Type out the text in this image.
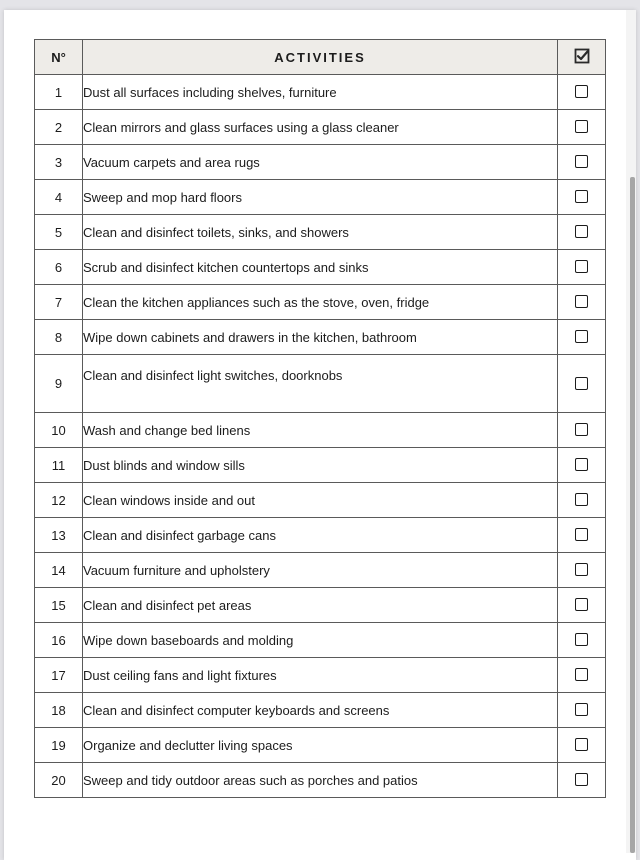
N°	ACTIVITIES	
1	Dust all surfaces including shelves, furniture	
2	Clean mirrors and glass surfaces using a glass cleaner	
3	Vacuum carpets and area rugs	
4	Sweep and mop hard floors	
5	Clean and disinfect toilets, sinks, and showers	
6	Scrub and disinfect kitchen countertops and sinks	
7	Clean the kitchen appliances such as the stove, oven, fridge	
8	Wipe down cabinets and drawers in the kitchen, bathroom	
9	Clean and disinfect light switches, doorknobs	
10	Wash and change bed linens	
11	Dust blinds and window sills	
12	Clean windows inside and out	
13	Clean and disinfect garbage cans	
14	Vacuum furniture and upholstery	
15	Clean and disinfect pet areas	
16	Wipe down baseboards and molding	
17	Dust ceiling fans and light fixtures	
18	Clean and disinfect computer keyboards and screens	
19	Organize and declutter living spaces	
20	Sweep and tidy outdoor areas such as porches and patios	
